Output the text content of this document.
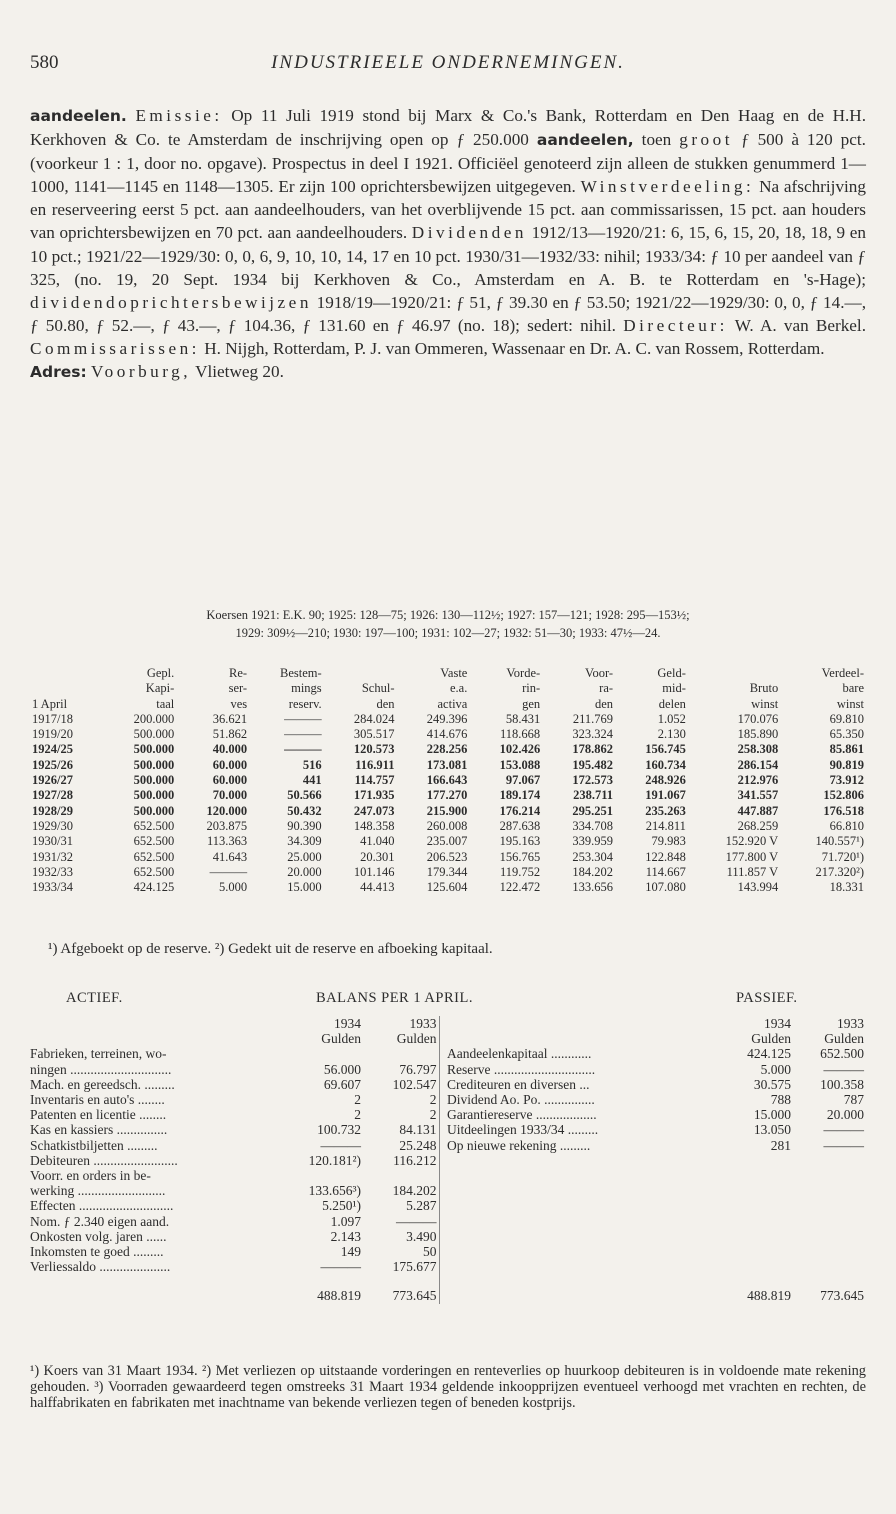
580	INDUSTRIEELE ONDERNEMINGEN.
aandeelen. Emissie: Op 11 Juli 1919 stond bij Marx & Co.'s Bank, Rotterdam en Den Haag en de H.H. Kerkhoven & Co. te Amsterdam de inschrijving open op ƒ 250.000 aandeelen, toen groot ƒ 500 à 120 pct. (voorkeur 1 : 1, door no. opgave). Prospectus in deel I 1921. Officiëel genoteerd zijn alleen de stukken genummerd 1—1000, 1141—1145 en 1148—1305. Er zijn 100 oprichtersbewijzen uitgegeven. Winstverdeeling: Na afschrijving en reserveering eerst 5 pct. aan aandeelhouders, van het overblijvende 15 pct. aan commissarissen, 15 pct. aan houders van oprichtersbewijzen en 70 pct. aan aandeelhouders. Dividenden 1912/13—1920/21: 6, 15, 6, 15, 20, 18, 18, 9 en 10 pct.; 1921/22—1929/30: 0, 0, 6, 9, 10, 10, 14, 17 en 10 pct. 1930/31—1932/33: nihil; 1933/34: ƒ 10 per aandeel van ƒ 325, (no. 19, 20 Sept. 1934 bij Kerkhoven & Co., Amsterdam en A. B. te Rotterdam en 's-Hage); dividendoprichtersbewijzen 1918/19—1920/21: ƒ 51, ƒ 39.30 en ƒ 53.50; 1921/22—1929/30: 0, 0, ƒ 14.—, ƒ 50.80, ƒ 52.—, ƒ 43.—, ƒ 104.36, ƒ 131.60 en ƒ 46.97 (no. 18); sedert: nihil. Directeur: W. A. van Berkel. Commissarissen: H. Nijgh, Rotterdam, P. J. van Ommeren, Wassenaar en Dr. A. C. van Rossem, Rotterdam.
Adres: Voorburg, Vlietweg 20.
Koersen 1921: E.K. 90; 1925: 128—75; 1926: 130—112½; 1927: 157—121; 1928: 295—153½;
1929: 309½—210; 1930: 197—100; 1931: 102—27; 1932: 51—30; 1933: 47½—24.
	Gepl.	Re-	Bestem-		Vaste	Vorde-	Voor-	Geld-		Verdeel-
	Kapi-	ser-	mings	Schul-	e.a.	rin-	ra-	mid-	Bruto	bare
1 April	taal	ves	reserv.	den	activa	gen	den	delen	winst	winst
1917/18	200.000	36.621	———	284.024	249.396	58.431	211.769	1.052	170.076	69.810
1919/20	500.000	51.862	———	305.517	414.676	118.668	323.324	2.130	185.890	65.350
1924/25	500.000	40.000	———	120.573	228.256	102.426	178.862	156.745	258.308	85.861
1925/26	500.000	60.000	516	116.911	173.081	153.088	195.482	160.734	286.154	90.819
1926/27	500.000	60.000	441	114.757	166.643	97.067	172.573	248.926	212.976	73.912
1927/28	500.000	70.000	50.566	171.935	177.270	189.174	238.711	191.067	341.557	152.806
1928/29	500.000	120.000	50.432	247.073	215.900	176.214	295.251	235.263	447.887	176.518
1929/30	652.500	203.875	90.390	148.358	260.008	287.638	334.708	214.811	268.259	66.810
1930/31	652.500	113.363	34.309	41.040	235.007	195.163	339.959	79.983	152.920 V	140.557¹)
1931/32	652.500	41.643	25.000	20.301	206.523	156.765	253.304	122.848	177.800 V	71.720¹)
1932/33	652.500	———	20.000	101.146	179.344	119.752	184.202	114.667	111.857 V	217.320²)
1933/34	424.125	5.000	15.000	44.413	125.604	122.472	133.656	107.080	143.994	18.331
¹) Afgeboekt op de reserve. ²) Gedekt uit de reserve en afboeking kapitaal.
ACTIEF.	BALANS PER 1 APRIL.	PASSIEF.
	1934	1933			1934	1933
	Gulden	Gulden			Gulden	Gulden
Fabrieken, terreinen, wo-				Aandeelenkapitaal ............	424.125	652.500
ningen ..............................	56.000	76.797		Reserve ..............................	5.000	———
Mach. en gereedsch. .........	69.607	102.547		Crediteuren en diversen ...	30.575	100.358
Inventaris en auto's ........	2	2		Dividend Ao. Po. ...............	788	787
Patenten en licentie ........	2	2		Garantiereserve ..................	15.000	20.000
Kas en kassiers ...............	100.732	84.131		Uitdeelingen 1933/34 .........	13.050	———
Schatkistbiljetten .........	———	25.248		Op nieuwe rekening .........	281	———
Debiteuren .........................	120.181²)	116.212				
Voorr. en orders in be-						
werking ..........................	133.656³)	184.202				
Effecten ............................	5.250¹)	5.287				
Nom. ƒ 2.340 eigen aand.	1.097	———				
Onkosten volg. jaren ......	2.143	3.490				
Inkomsten te goed .........	149	50				
Verliessaldo .....................	———	175.677				
	488.819	773.645			488.819	773.645
¹) Koers van 31 Maart 1934. ²) Met verliezen op uitstaande vorderingen en renteverlies op huurkoop debiteuren is in voldoende mate rekening gehouden. ³) Voorraden gewaardeerd tegen omstreeks 31 Maart 1934 geldende inkoopprijzen eventueel verhoogd met vrachten en rechten, de halffabrikaten en fabrikaten met inachtname van bekende verliezen tegen of beneden kostprijs.
